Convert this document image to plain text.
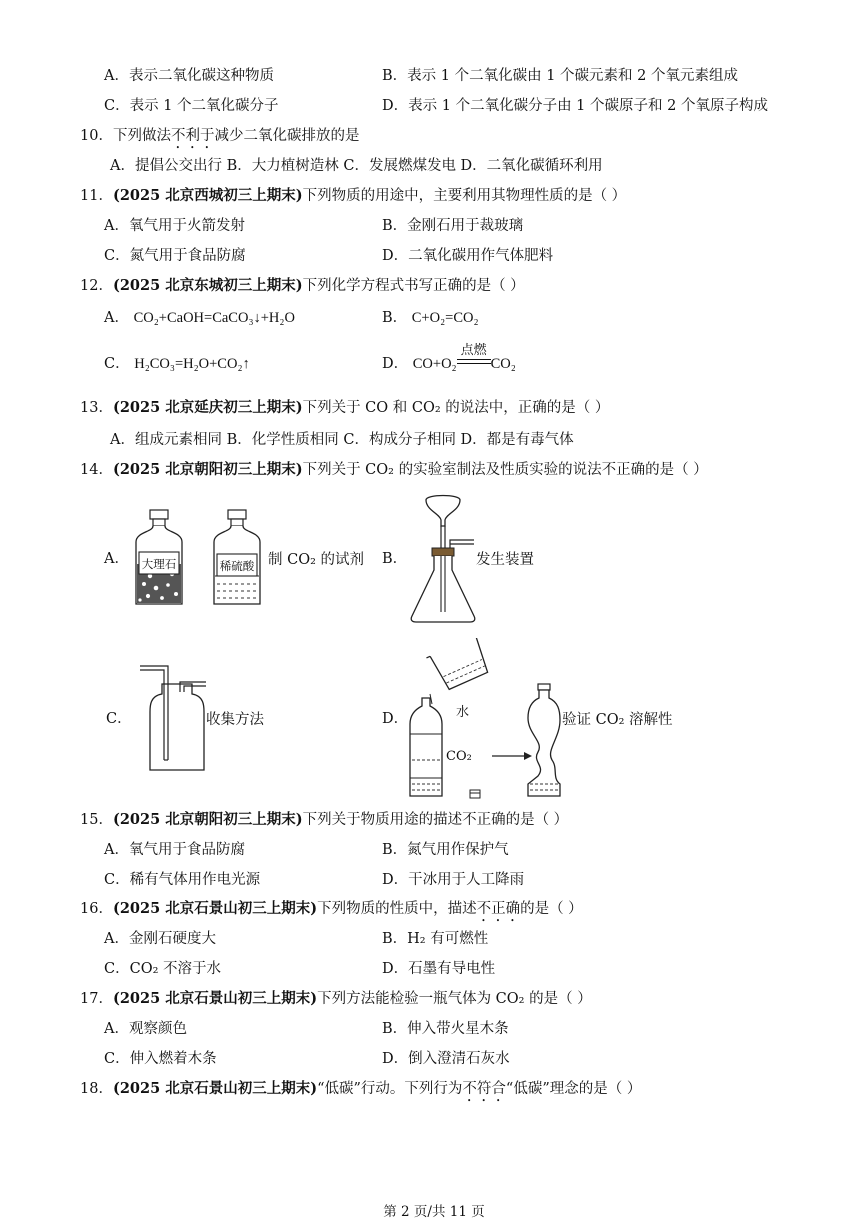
A．表示二氧化碳这种物质	B．表示 1 个二氧化碳由 1 个碳元素和 2 个氧元素组成
C．表示 1 个二氧化碳分子	D．表示 1 个二氧化碳分子由 1 个碳原子和 2 个氧原子构成
10．下列做法不利于减少二氧化碳排放的是
A．提倡公交出行 B．大力植树造林 C．发展燃煤发电 D．二氧化碳循环利用
11．(2025 北京西城初三上期末)下列物质的用途中，主要利用其物理性质的是（ ）
A．氧气用于火箭发射	B．金刚石用于裁玻璃
C．氮气用于食品防腐	D．二氧化碳用作气体肥料
12．(2025 北京东城初三上期末)下列化学方程式书写正确的是（ ）
A． CO₂+CaOH=CaCO₃↓+H₂O	B． C+O₂=CO₂
C． H₂CO₃=H₂O+CO₂↑	D． CO+O₂
点燃
CO₂
13．(2025 北京延庆初三上期末)下列关于 CO 和 CO₂ 的说法中，正确的是（ ）
A．组成元素相同 B．化学性质相同 C．构成分子相同 D．都是有毒气体
14．(2025 北京朝阳初三上期末)下列关于 CO₂ 的实验室制法及性质实验的说法不正确的是（ ）
A． 大理石	稀硫酸 制 CO₂ 的试剂 B．	发生装置
C．	收集方法	D．	水
CO₂
验证 CO₂ 溶解性
15．(2025 北京朝阳初三上期末)下列关于物质用途的描述不正确的是（ ）
A．氧气用于食品防腐	B．氮气用作保护气
C．稀有气体用作电光源	D．干冰用于人工降雨
16．(2025 北京石景山初三上期末)下列物质的性质中，描述不正确的是（ ）
A．金刚石硬度大	B．H₂ 有可燃性
C．CO₂ 不溶于水	D．石墨有导电性
17．(2025 北京石景山初三上期末)下列方法能检验一瓶气体为 CO₂ 的是（ ）
A．观察颜色	B．伸入带火星木条
C．伸入燃着木条	D．倒入澄清石灰水
18．(2025 北京石景山初三上期末)“低碳”行动。下列行为不符合“低碳”理念的是（ ）
第 2 页/共 11 页
